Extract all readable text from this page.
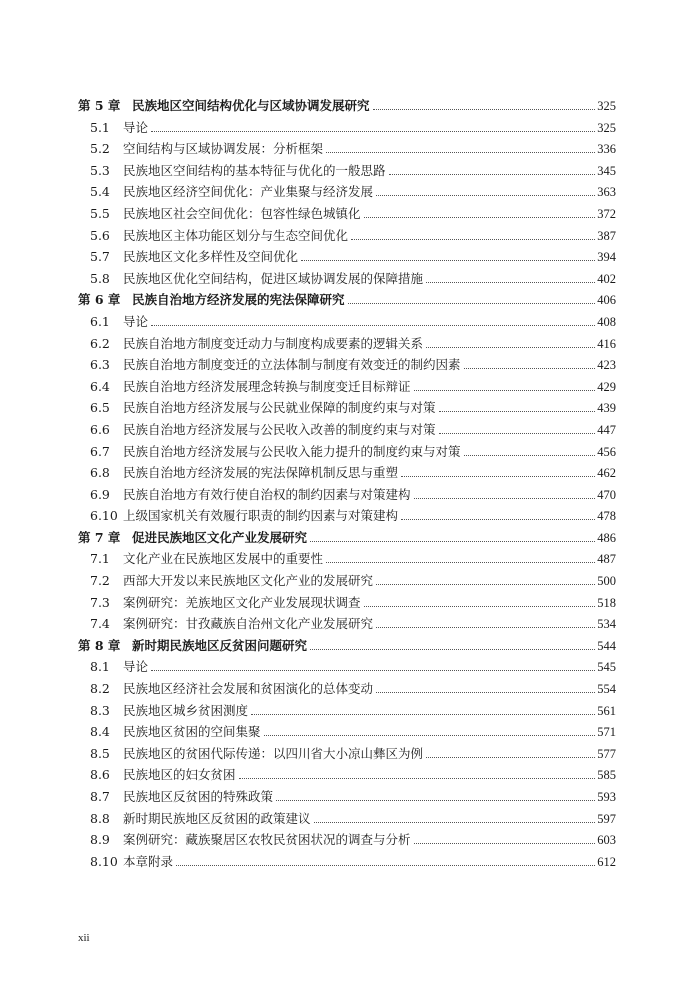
第 5 章 民族地区空间结构优化与区域协调发展研究	325
5.1	导论	325
5.2	空间结构与区域协调发展：分析框架	336
5.3	民族地区空间结构的基本特征与优化的一般思路	345
5.4	民族地区经济空间优化：产业集聚与经济发展	363
5.5	民族地区社会空间优化：包容性绿色城镇化	372
5.6	民族地区主体功能区划分与生态空间优化	387
5.7	民族地区文化多样性及空间优化	394
5.8	民族地区优化空间结构，促进区域协调发展的保障措施	402
第 6 章 民族自治地方经济发展的宪法保障研究	406
6.1	导论	408
6.2	民族自治地方制度变迁动力与制度构成要素的逻辑关系	416
6.3	民族自治地方制度变迁的立法体制与制度有效变迁的制约因素	423
6.4	民族自治地方经济发展理念转换与制度变迁目标辩证	429
6.5	民族自治地方经济发展与公民就业保障的制度约束与对策	439
6.6	民族自治地方经济发展与公民收入改善的制度约束与对策	447
6.7	民族自治地方经济发展与公民收入能力提升的制度约束与对策	456
6.8	民族自治地方经济发展的宪法保障机制反思与重塑	462
6.9	民族自治地方有效行使自治权的制约因素与对策建构	470
6.10 上级国家机关有效履行职责的制约因素与对策建构	478
第 7 章 促进民族地区文化产业发展研究	486
7.1	文化产业在民族地区发展中的重要性	487
7.2	西部大开发以来民族地区文化产业的发展研究	500
7.3	案例研究：羌族地区文化产业发展现状调查	518
7.4	案例研究：甘孜藏族自治州文化产业发展研究	534
第 8 章 新时期民族地区反贫困问题研究	544
8.1	导论	545
8.2	民族地区经济社会发展和贫困演化的总体变动	554
8.3	民族地区城乡贫困测度	561
8.4	民族地区贫困的空间集聚	571
8.5	民族地区的贫困代际传递：以四川省大小凉山彝区为例	577
8.6	民族地区的妇女贫困	585
8.7	民族地区反贫困的特殊政策	593
8.8	新时期民族地区反贫困的政策建议	597
8.9	案例研究：藏族聚居区农牧民贫困状况的调查与分析	603
8.10 本章附录	612
xii
